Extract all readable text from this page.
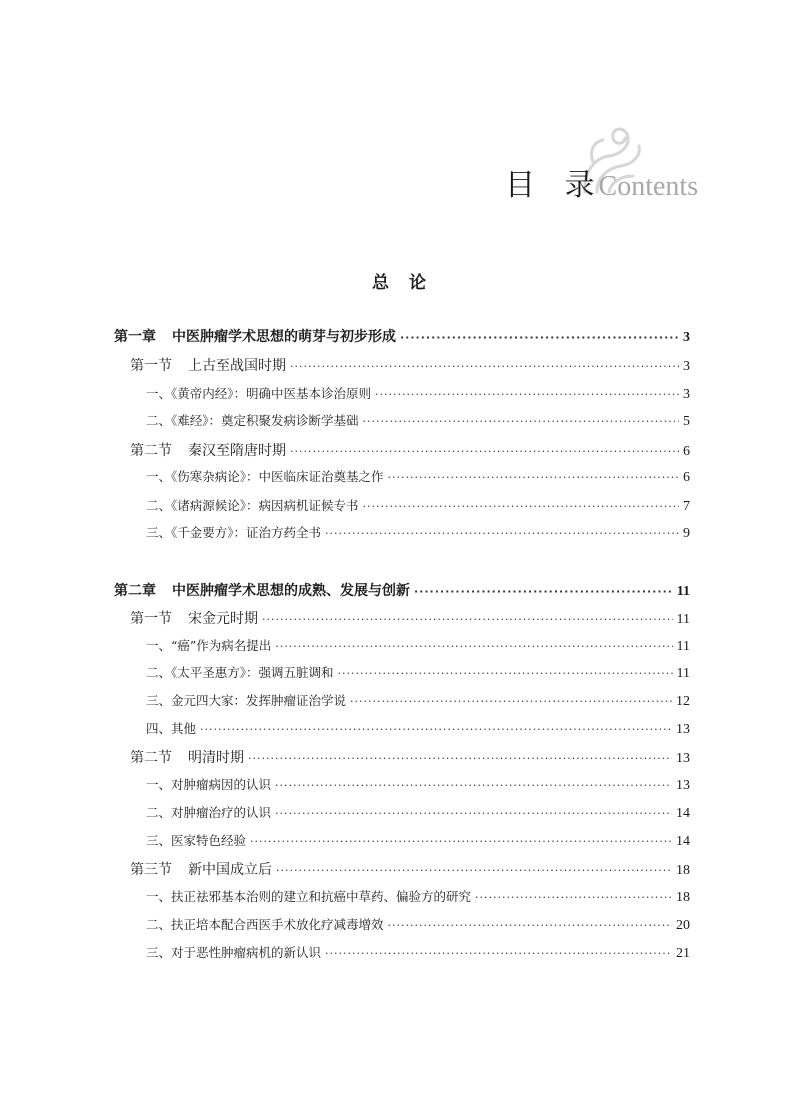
目 录Contents
总 论
第一章 中医肿瘤学术思想的萌芽与初步形成 ·····	3
第一节 上古至战国时期 ·····	3
一、《黄帝内经》：明确中医基本诊治原则 ·····	3
二、《难经》：奠定积聚发病诊断学基础 ·····	5
第二节 秦汉至隋唐时期 ·····	6
一、《伤寒杂病论》：中医临床证治奠基之作 ·····	6
二、《诸病源候论》：病因病机证候专书 ·····	7
三、《千金要方》：证治方药全书 ·····	9
第二章 中医肿瘤学术思想的成熟、发展与创新 ·····	11
第一节 宋金元时期 ·····	11
一、“癌”作为病名提出 ·····	11
二、《太平圣惠方》：强调五脏调和 ·····	11
三、金元四大家：发挥肿瘤证治学说 ·····	12
四、其他 ·····	13
第二节 明清时期 ·····	13
一、对肿瘤病因的认识 ·····	13
二、对肿瘤治疗的认识 ·····	14
三、医家特色经验 ·····	14
第三节 新中国成立后 ·····	18
一、扶正祛邪基本治则的建立和抗癌中草药、偏验方的研究 ·····	18
二、扶正培本配合西医手术放化疗减毒增效 ·····	20
三、对于恶性肿瘤病机的新认识 ·····	21
